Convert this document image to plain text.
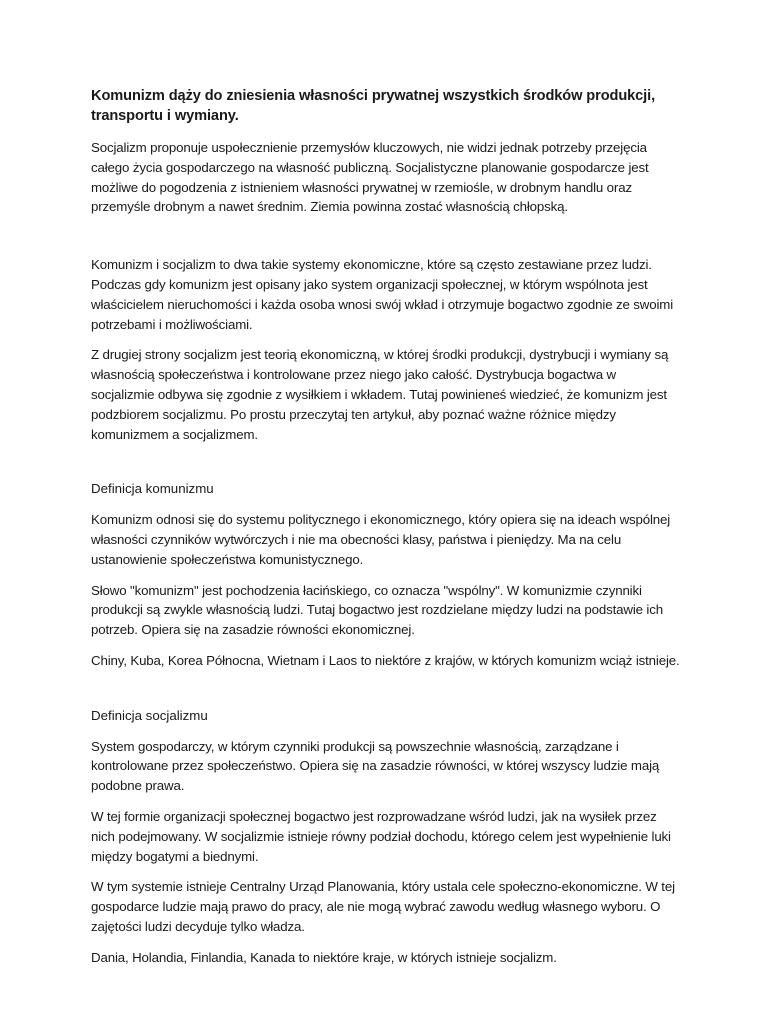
Komunizm dąży do zniesienia własności prywatnej wszystkich środków produkcji, transportu i wymiany.

Socjalizm proponuje uspołecznienie przemysłów kluczowych, nie widzi jednak potrzeby przejęcia całego życia gospodarczego na własność publiczną. Socjalistyczne planowanie gospodarcze jest możliwe do pogodzenia z istnieniem własności prywatnej w rzemiośle, w drobnym handlu oraz przemyśle drobnym a nawet średnim. Ziemia powinna zostać własnością chłopską.

Komunizm i socjalizm to dwa takie systemy ekonomiczne, które są często zestawiane przez ludzi. Podczas gdy komunizm jest opisany jako system organizacji społecznej, w którym wspólnota jest właścicielem nieruchomości i każda osoba wnosi swój wkład i otrzymuje bogactwo zgodnie ze swoimi potrzebami i możliwościami.

Z drugiej strony socjalizm jest teorią ekonomiczną, w której środki produkcji, dystrybucji i wymiany są własnością społeczeństwa i kontrolowane przez niego jako całość. Dystrybucja bogactwa w socjalizmie odbywa się zgodnie z wysiłkiem i wkładem. Tutaj powinieneś wiedzieć, że komunizm jest podzbiorem socjalizmu. Po prostu przeczytaj ten artykuł, aby poznać ważne różnice między komunizmem a socjalizmem.

Definicja komunizmu

Komunizm odnosi się do systemu politycznego i ekonomicznego, który opiera się na ideach wspólnej własności czynników wytwórczych i nie ma obecności klasy, państwa i pieniędzy. Ma na celu ustanowienie społeczeństwa komunistycznego.

Słowo "komunizm" jest pochodzenia łacińskiego, co oznacza "wspólny". W komunizmie czynniki produkcji są zwykle własnością ludzi. Tutaj bogactwo jest rozdzielane między ludzi na podstawie ich potrzeb. Opiera się na zasadzie równości ekonomicznej.

Chiny, Kuba, Korea Północna, Wietnam i Laos to niektóre z krajów, w których komunizm wciąż istnieje.

Definicja socjalizmu

System gospodarczy, w którym czynniki produkcji są powszechnie własnością, zarządzane i kontrolowane przez społeczeństwo. Opiera się na zasadzie równości, w której wszyscy ludzie mają podobne prawa.

W tej formie organizacji społecznej bogactwo jest rozprowadzane wśród ludzi, jak na wysiłek przez nich podejmowany. W socjalizmie istnieje równy podział dochodu, którego celem jest wypełnienie luki między bogatymi a biednymi.

W tym systemie istnieje Centralny Urząd Planowania, który ustala cele społeczno-ekonomiczne. W tej gospodarce ludzie mają prawo do pracy, ale nie mogą wybrać zawodu według własnego wyboru. O zajętości ludzi decyduje tylko władza.

Dania, Holandia, Finlandia, Kanada to niektóre kraje, w których istnieje socjalizm.
